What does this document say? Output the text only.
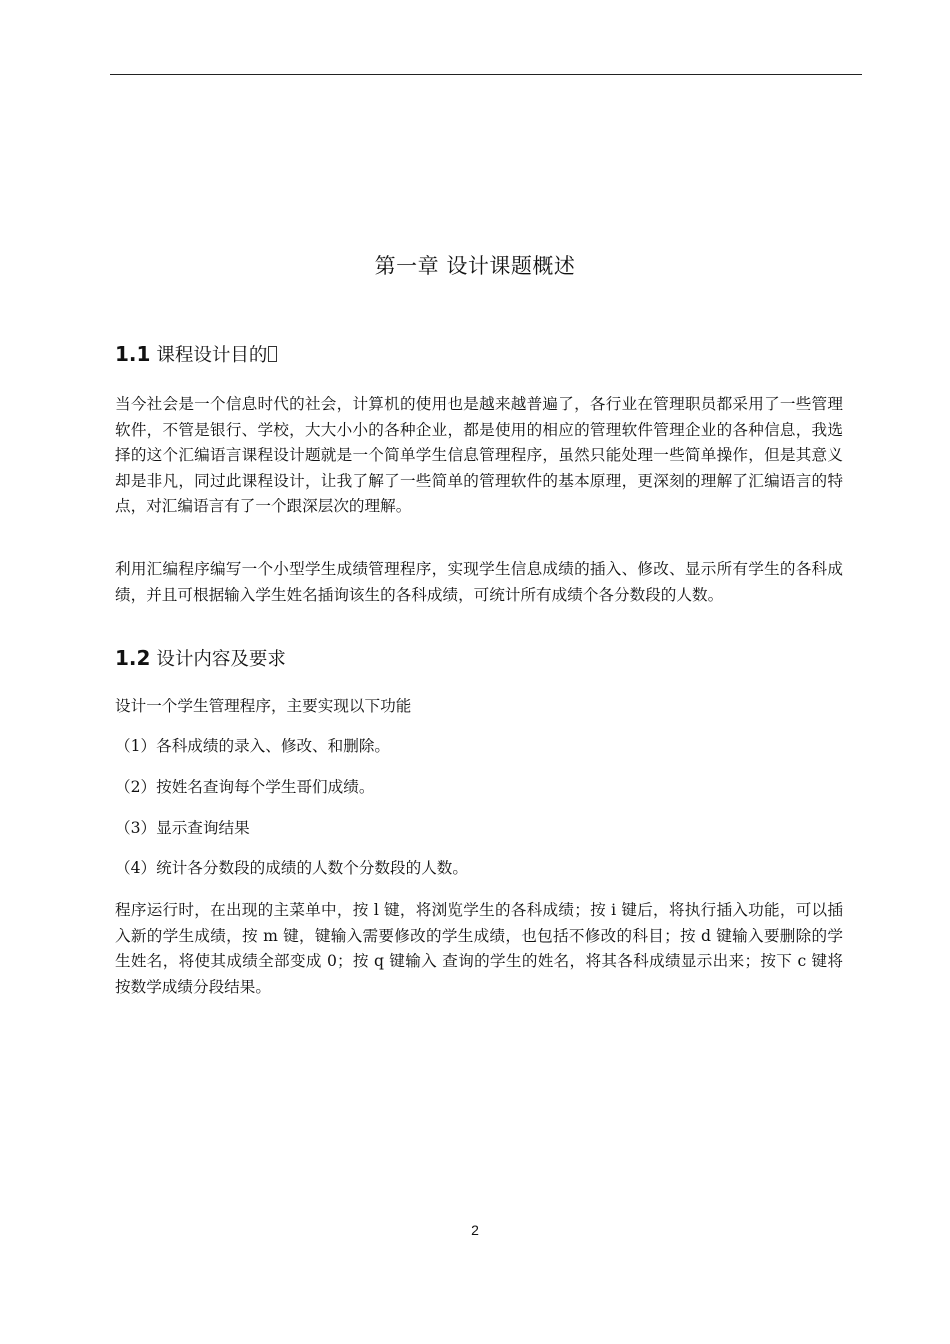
第一章 设计课题概述
1.1 课程设计目的

当今社会是一个信息时代的社会，计算机的使用也是越来越普遍了，各行业在管理职员都采用了一些管理软件，不管是银行、学校，大大小小的各种企业，都是使用的相应的管理软件管理企业的各种信息，我选择的这个汇编语言课程设计题就是一个简单学生信息管理程序，虽然只能处理一些简单操作，但是其意义却是非凡，同过此课程设计，让我了解了一些简单的管理软件的基本原理，更深刻的理解了汇编语言的特点，对汇编语言有了一个跟深层次的理解。

利用汇编程序编写一个小型学生成绩管理程序，实现学生信息成绩的插入、修改、显示所有学生的各科成绩，并且可根据输入学生姓名插询该生的各科成绩，可统计所有成绩个各分数段的人数。

1.2 设计内容及要求

设计一个学生管理程序，主要实现以下功能

（1）各科成绩的录入、修改、和删除。

（2）按姓名查询每个学生哥们成绩。

（3）显示查询结果

（4）统计各分数段的成绩的人数个分数段的人数。

程序运行时，在出现的主菜单中，按 l 键，将浏览学生的各科成绩；按 i 键后，将执行插入功能，可以插入新的学生成绩，按 m 键，键输入需要修改的学生成绩，也包括不修改的科目；按 d 键输入要删除的学生姓名，将使其成绩全部变成 0；按 q 键输入 查询的学生的姓名，将其各科成绩显示出来；按下 c 键将按数学成绩分段结果。

2
